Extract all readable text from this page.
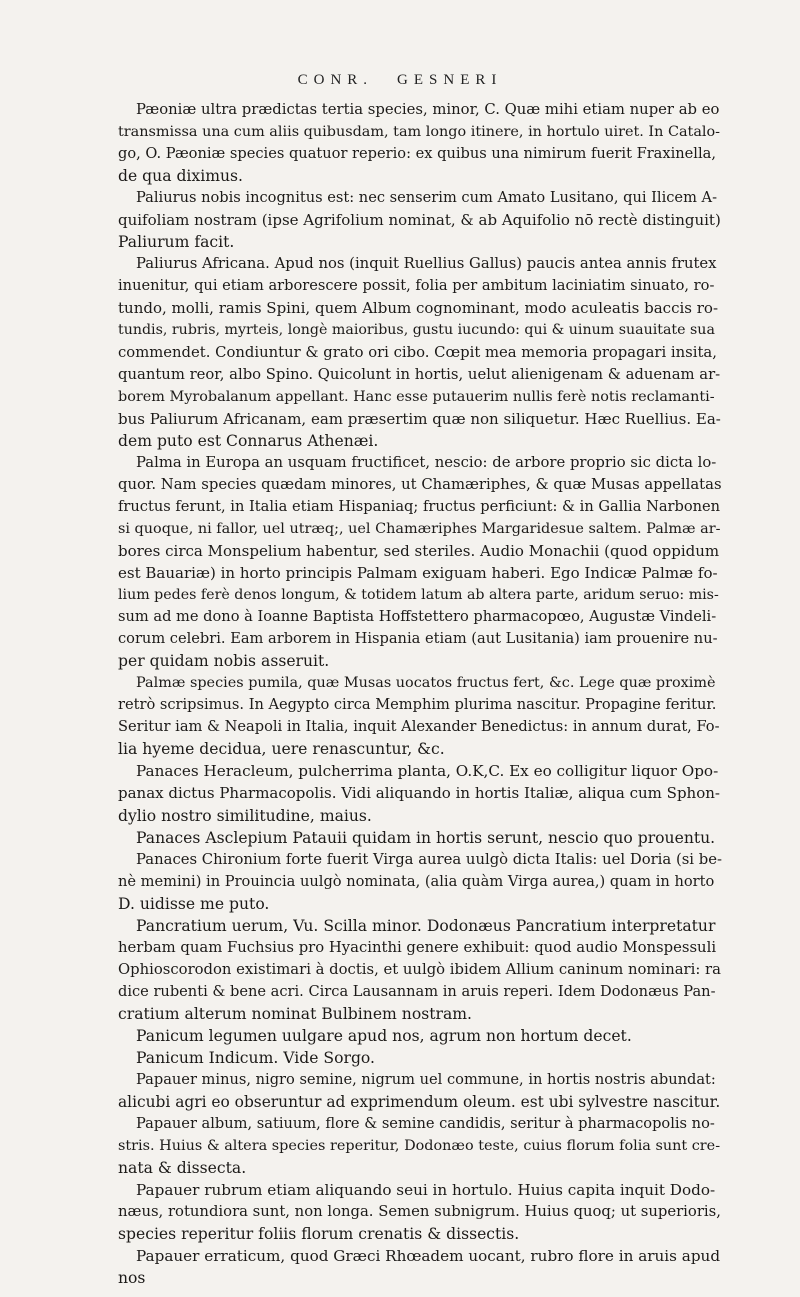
CONR. GESNERI
Pæoniæ ultra prædictas tertia species, minor, C. Quæ mihi etiam nuper ab eo
transmissa una cum aliis quibusdam, tam longo itinere, in hortulo uiret. In Catalo-
go, O. Pæoniæ species quatuor reperio: ex quibus una nimirum fuerit Fraxinella,
de qua diximus.
Paliurus nobis incognitus est: nec senserim cum Amato Lusitano, qui Ilicem A-
quifoliam nostram (ipse Agrifolium nominat, & ab Aquifolio nō rectè distinguit)
Paliurum facit.
Paliurus Africana. Apud nos (inquit Ruellius Gallus) paucis antea annis frutex
inuenitur, qui etiam arborescere possit, folia per ambitum laciniatim sinuato, ro-
tundo, molli, ramis Spini, quem Album cognominant, modo aculeatis baccis ro-
tundis, rubris, myrteis, longè maioribus, gustu iucundo: qui & uinum suauitate sua
commendet. Condiuntur & grato ori cibo. Cœpit mea memoria propagari insita,
quantum reor, albo Spino. Quicolunt in hortis, uelut alienigenam & aduenam ar-
borem Myrobalanum appellant. Hanc esse putauerim nullis ferè notis reclamanti-
bus Paliurum Africanam, eam præsertim quæ non siliquetur. Hæc Ruellius. Ea-
dem puto est Connarus Athenæi.
Palma in Europa an usquam fructificet, nescio: de arbore proprio sic dicta lo-
quor. Nam species quædam minores, ut Chamæriphes, & quæ Musas appellatas
fructus ferunt, in Italia etiam Hispaniaq; fructus perficiunt: & in Gallia Narbonen
si quoque, ni fallor, uel utræq;, uel Chamæriphes Margaridesue saltem. Palmæ ar-
bores circa Monspelium habentur, sed steriles. Audio Monachii (quod oppidum
est Bauariæ) in horto principis Palmam exiguam haberi. Ego Indicæ Palmæ fo-
lium pedes ferè denos longum, & totidem latum ab altera parte, aridum seruo: mis-
sum ad me dono à Ioanne Baptista Hoffstettero pharmacopœo, Augustæ Vindeli-
corum celebri. Eam arborem in Hispania etiam (aut Lusitania) iam prouenire nu-
per quidam nobis asseruit.
Palmæ species pumila, quæ Musas uocatos fructus fert, &c. Lege quæ proximè
retrò scripsimus. In Aegypto circa Memphim plurima nascitur. Propagine feritur.
Seritur iam & Neapoli in Italia, inquit Alexander Benedictus: in annum durat, Fo-
lia hyeme decidua, uere renascuntur, &c.
Panaces Heracleum, pulcherrima planta, O.K,C. Ex eo colligitur liquor Opo-
panax dictus Pharmacopolis. Vidi aliquando in hortis Italiæ, aliqua cum Sphon-
dylio nostro similitudine, maius.
Panaces Asclepium Patauii quidam in hortis serunt, nescio quo prouentu.
Panaces Chironium forte fuerit Virga aurea uulgò dicta Italis: uel Doria (si be-
nè memini) in Prouincia uulgò nominata, (alia quàm Virga aurea,) quam in horto
D. uidisse me puto.
Pancratium uerum, Vu. Scilla minor. Dodonæus Pancratium interpretatur
herbam quam Fuchsius pro Hyacinthi genere exhibuit: quod audio Monspessuli
Ophioscorodon existimari à doctis, et uulgò ibidem Allium caninum nominari: ra
dice rubenti & bene acri. Circa Lausannam in aruis reperi. Idem Dodonæus Pan-
cratium alterum nominat Bulbinem nostram.
Panicum legumen uulgare apud nos, agrum non hortum decet.
Panicum Indicum. Vide Sorgo.
Papauer minus, nigro semine, nigrum uel commune, in hortis nostris abundat:
alicubi agri eo obseruntur ad exprimendum oleum. est ubi sylvestre nascitur.
Papauer album, satiuum, flore & semine candidis, seritur à pharmacopolis no-
stris. Huius & altera species reperitur, Dodonæo teste, cuius florum folia sunt cre-
nata & dissecta.
Papauer rubrum etiam aliquando seui in hortulo. Huius capita inquit Dodo-
næus, rotundiora sunt, non longa. Semen subnigrum. Huius quoq; ut superioris,
species reperitur foliis florum crenatis & dissectis.
Papauer erraticum, quod Græci Rhœadem uocant, rubro flore in aruis apud
nos
